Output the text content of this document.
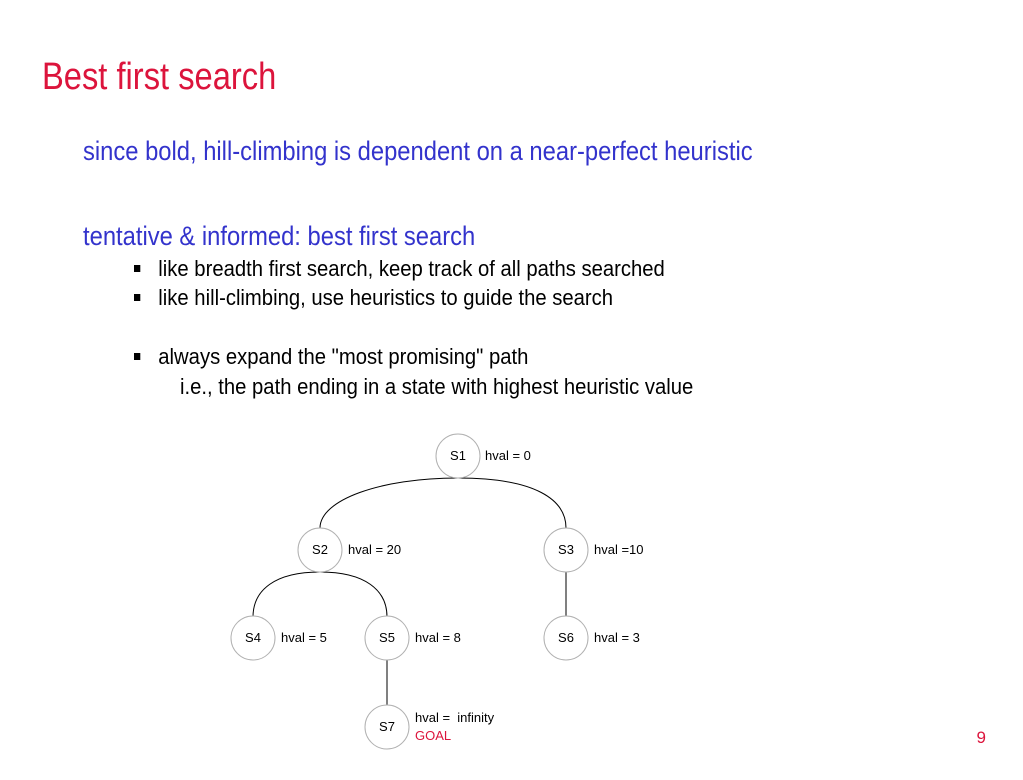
Best first search
since bold, hill-climbing is dependent on a near-perfect heuristic
tentative & informed: best first search
like breadth first search, keep track of all paths searched
like hill-climbing, use heuristics to guide the search
always expand the "most promising" path
i.e., the path ending in a state with highest heuristic value
S1 hval = 0
S2 hval = 20	S3 hval =10
S4 hval = 5	S5 hval = 8	S6 hval = 3
S7
hval =  infinity
GOAL	9
